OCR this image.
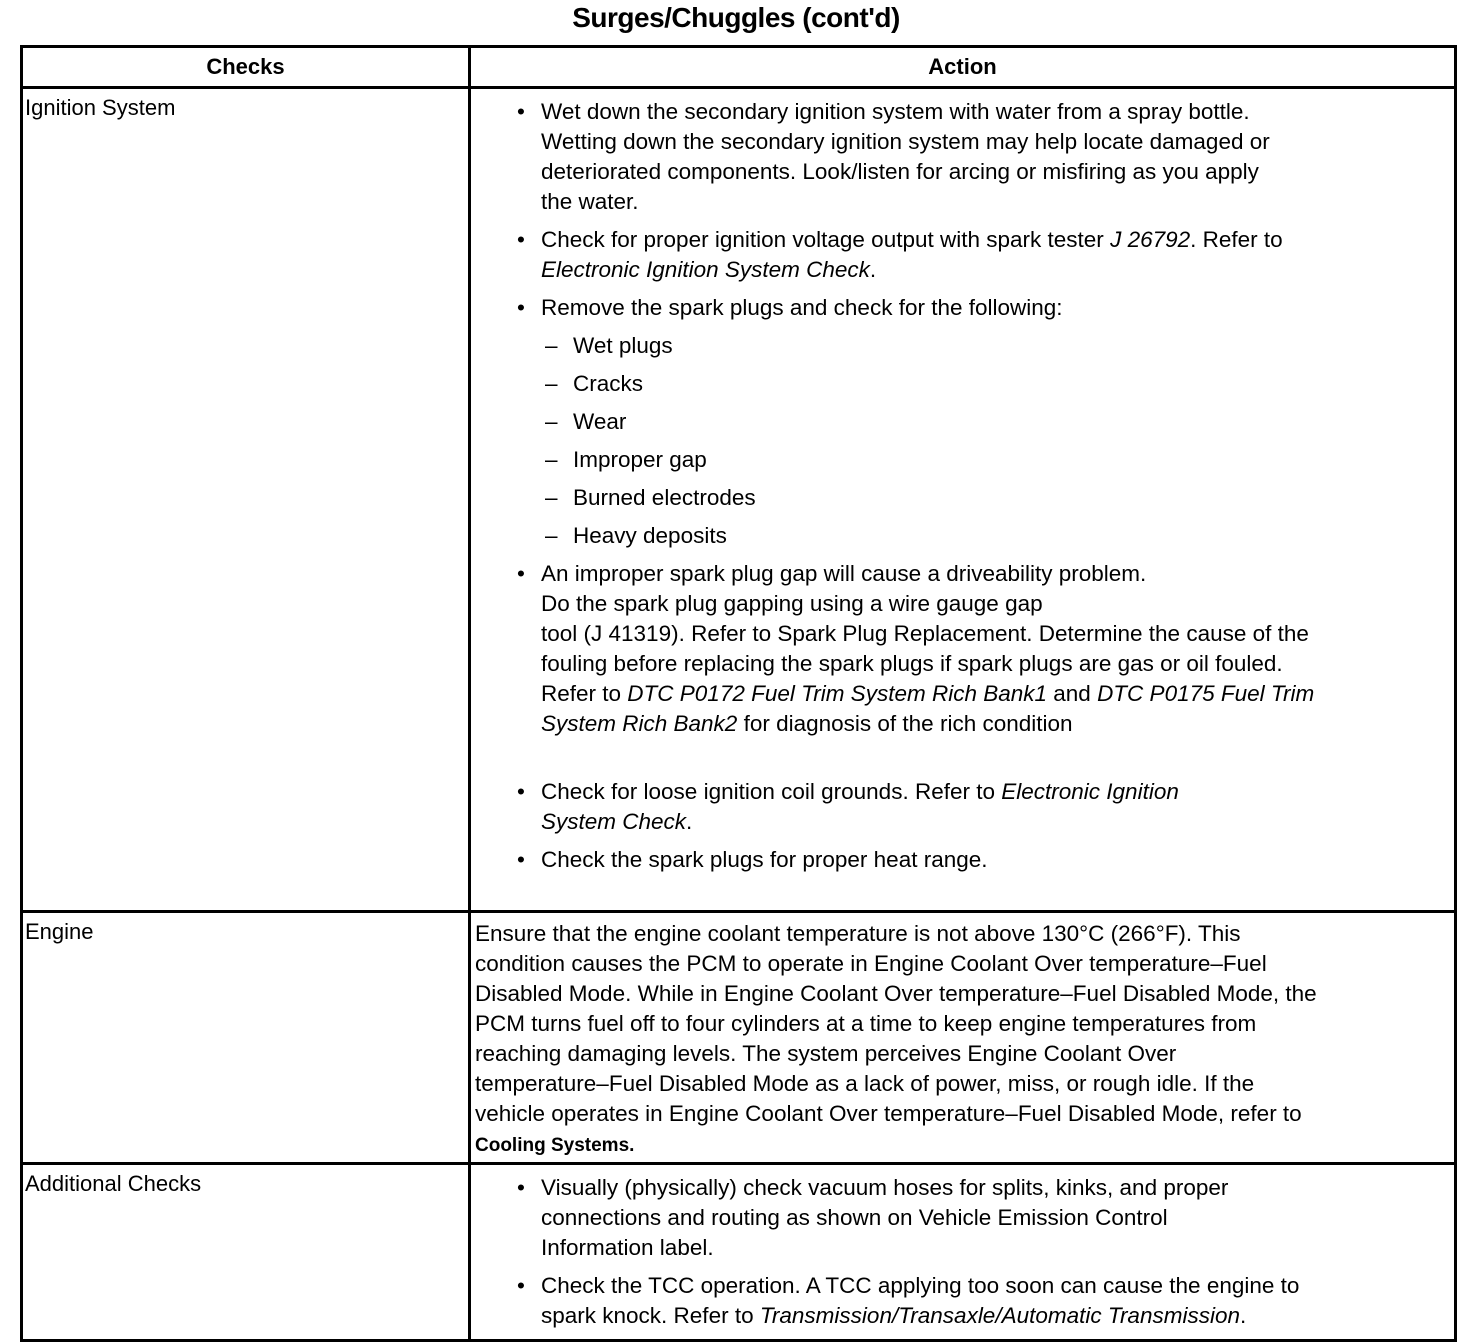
Surges/Chuggles (cont'd)
Checks	Action
Ignition System	• Wet down the secondary ignition system with water from a spray bottle.
Wetting down the secondary ignition system may help locate damaged or
deteriorated components. Look/listen for arcing or misfiring as you apply
the water.
• Check for proper ignition voltage output with spark tester J 26792. Refer to
Electronic Ignition System Check.
• Remove the spark plugs and check for the following:
– Wet plugs
– Cracks
– Wear
– Improper gap
– Burned electrodes
– Heavy deposits
• An improper spark plug gap will cause a driveability problem.
Do the spark plug gapping using a wire gauge gap
tool (J 41319). Refer to Spark Plug Replacement. Determine the cause of the
fouling before replacing the spark plugs if spark plugs are gas or oil fouled.
Refer to DTC P0172 Fuel Trim System Rich Bank1 and DTC P0175 Fuel Trim
System Rich Bank2 for diagnosis of the rich condition
• Check for loose ignition coil grounds. Refer to Electronic Ignition
System Check.
• Check the spark plugs for proper heat range.

Engine	Ensure that the engine coolant temperature is not above 130°C (266°F). This
condition causes the PCM to operate in Engine Coolant Over temperature–Fuel
Disabled Mode. While in Engine Coolant Over temperature–Fuel Disabled Mode, the
PCM turns fuel off to four cylinders at a time to keep engine temperatures from
reaching damaging levels. The system perceives Engine Coolant Over
temperature–Fuel Disabled Mode as a lack of power, miss, or rough idle. If the
vehicle operates in Engine Coolant Over temperature–Fuel Disabled Mode, refer to
Cooling Systems.

Additional Checks	• Visually (physically) check vacuum hoses for splits, kinks, and proper
connections and routing as shown on Vehicle Emission Control
Information label.
• Check the TCC operation. A TCC applying too soon can cause the engine to
spark knock. Refer to Transmission/Transaxle/Automatic Transmission.
